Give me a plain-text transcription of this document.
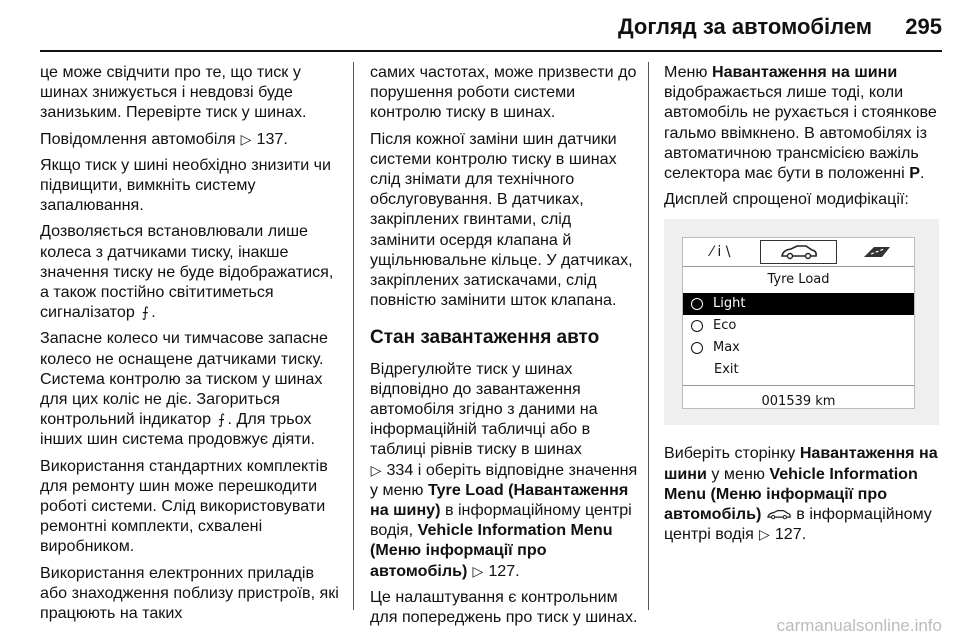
Догляд за автомобілем 295

це може свідчити про те, що тиск у шинах знижується і невдовзі буде занизьким. Перевірте тиск у шинах.

Повідомлення автомобіля ▷ 137.

Якщо тиск у шині необхідно знизити чи підвищити, вимкніть систему запалювання.

Дозволяється встановлювали лише колеса з датчиками тиску, інакше значення тиску не буде відображатися, а також постійно світитиметься сигналізатор ⨍ .

Запасне колесо чи тимчасове запасне колесо не оснащене датчиками тиску. Система контролю за тиском у шинах для цих коліс не діє. Загориться контрольний індикатор ⨍ . Для трьох інших шин система продовжує діяти.

Використання стандартних комплектів для ремонту шин може перешкодити роботі системи. Слід використовувати ремонтні комплекти, схвалені виробником.

Використання електронних приладів або знаходження поблизу пристроїв, які працюють на таких

самих частотах, може призвести до порушення роботи системи контролю тиску в шинах.

Після кожної заміни шин датчики системи контролю тиску в шинах слід знімати для технічного обслуговування. В датчиках, закріплених гвинтами, слід замінити осердя клапана й ущільнювальне кільце. У датчиках, закріплених затискачами, слід повністю замінити шток клапана.

Стан завантаження авто

Відрегулюйте тиск у шинах відповідно до завантаження автомобіля згідно з даними на інформаційній табличці або в таблиці рівнів тиску в шинах
▷ 334 і оберіть відповідне значення у меню Tyre Load (Навантаження на шину) в інформаційному центрі водія, Vehicle Information Menu (Меню інформації про автомобіль) ▷ 127.

Це налаштування є контрольним для попереджень про тиск у шинах.

Меню Навантаження на шини відображається лише тоді, коли автомобіль не рухається і стоянкове гальмо ввімкнено. В автомобілях із автоматичною трансмісією важіль селектора має бути в положенні P.

Дисплей спрощеної модифікації:

⁄ i \
Tyre Load
Light
Eco
Max
Exit
001539 km

Виберіть сторінку Навантаження на шини у меню Vehicle Information Menu (Меню інформації про автомобіль)  в інформаційному центрі водія ▷ 127.

carmanualsonline.info
